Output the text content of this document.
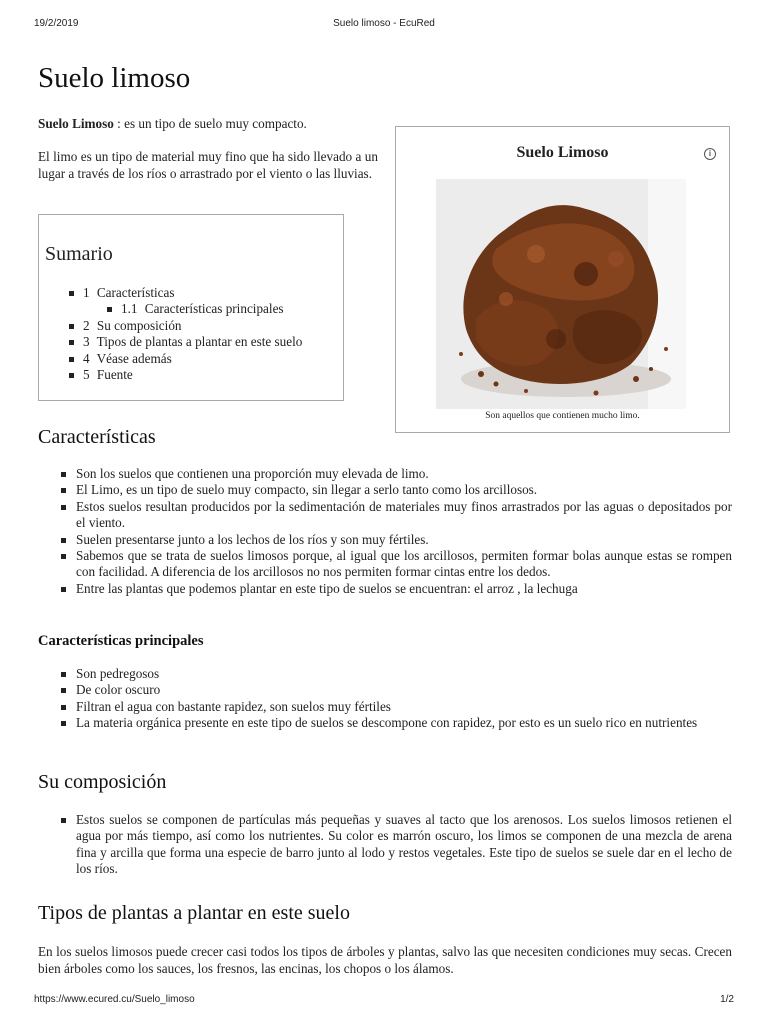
19/2/2019	Suelo limoso - EcuRed
Suelo limoso

Suelo Limoso : es un tipo de suelo muy compacto.

El limo es un tipo de material muy fino que ha sido llevado a un lugar a través de los ríos o arrastrado por el viento o las lluvias.

Sumario
1 Características
1.1 Características principales
2 Su composición
3 Tipos de plantas a plantar en este suelo
4 Véase además
5 Fuente
Suelo Limoso	i
Son aquellos que contienen mucho limo.
Características
Son los suelos que contienen una proporción muy elevada de limo.
El Limo, es un tipo de suelo muy compacto, sin llegar a serlo tanto como los arcillosos.
Estos suelos resultan producidos por la sedimentación de materiales muy finos arrastrados por las aguas o depositados por el viento.
Suelen presentarse junto a los lechos de los ríos y son muy fértiles.
Sabemos que se trata de suelos limosos porque, al igual que los arcillosos, permiten formar bolas aunque estas se rompen con facilidad. A diferencia de los arcillosos no nos permiten formar cintas entre los dedos.
Entre las plantas que podemos plantar en este tipo de suelos se encuentran: el arroz , la lechuga
Características principales
Son pedregosos
De color oscuro
Filtran el agua con bastante rapidez, son suelos muy fértiles
La materia orgánica presente en este tipo de suelos se descompone con rapidez, por esto es un suelo rico en nutrientes
Su composición
Estos suelos se componen de partículas más pequeñas y suaves al tacto que los arenosos. Los suelos limosos retienen el agua por más tiempo, así como los nutrientes. Su color es marrón oscuro, los limos se componen de una mezcla de arena fina y arcilla que forma una especie de barro junto al lodo y restos vegetales. Este tipo de suelos se suele dar en el lecho de los ríos.
Tipos de plantas a plantar en este suelo

En los suelos limosos puede crecer casi todos los tipos de árboles y plantas, salvo las que necesiten condiciones muy secas. Crecen bien árboles como los sauces, los fresnos, las encinas, los chopos o los álamos.

https://www.ecured.cu/Suelo_limoso	1/2
